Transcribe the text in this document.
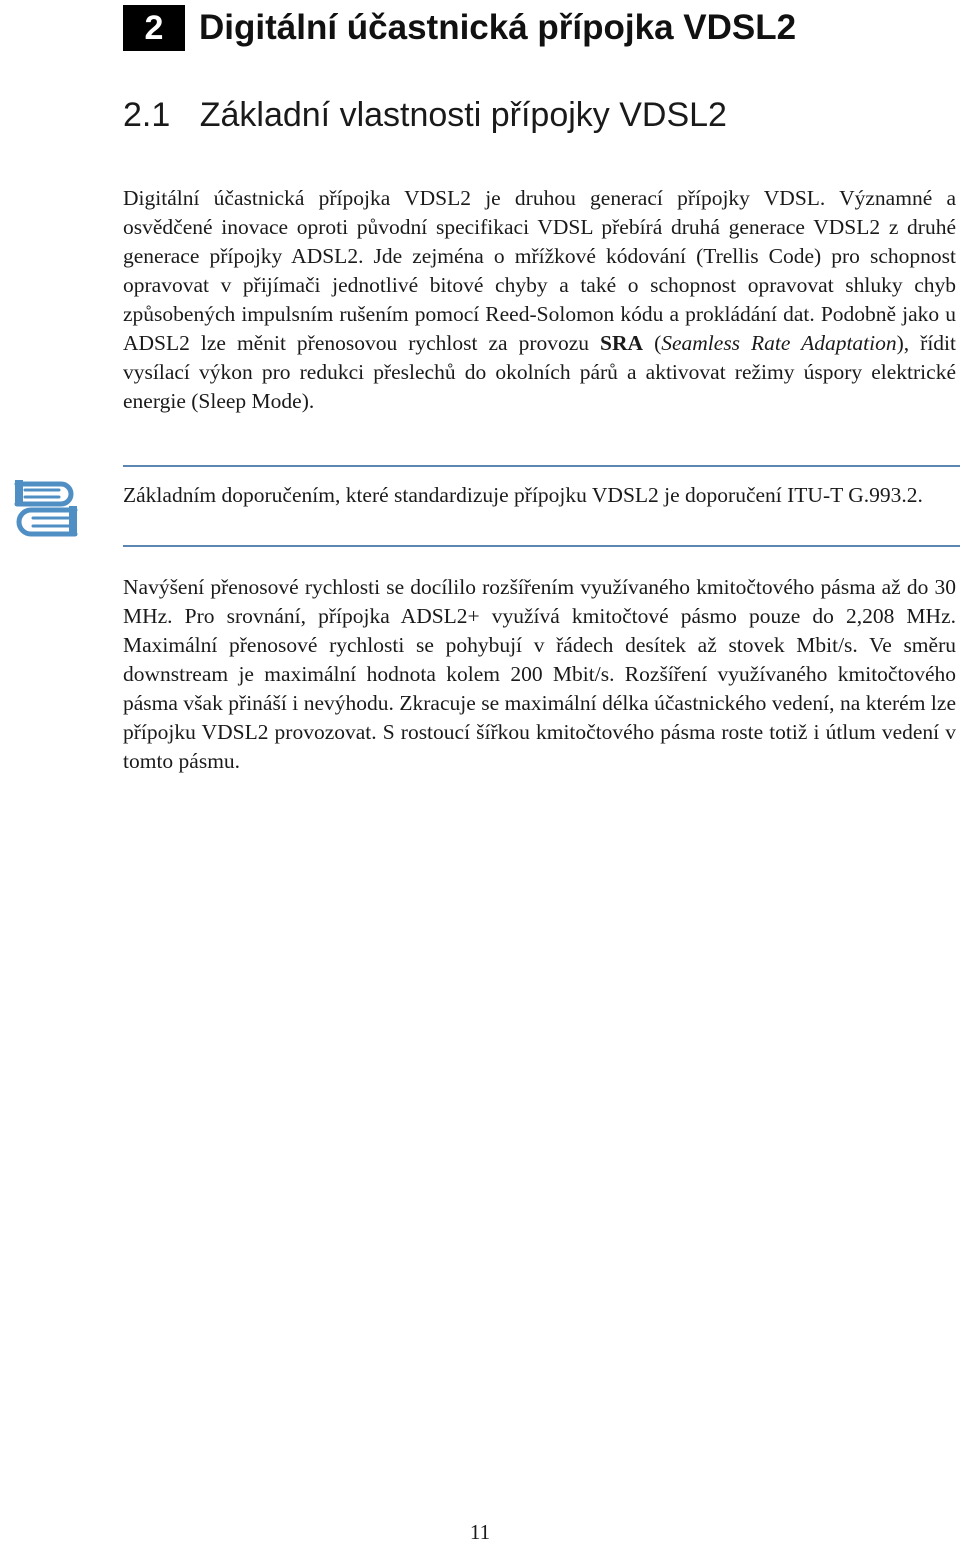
2	Digitální účastnická přípojka VDSL2
2.1 Základní vlastnosti přípojky VDSL2
Digitální účastnická přípojka VDSL2 je druhou generací přípojky VDSL. Významné a osvědčené inovace oproti původní specifikaci VDSL přebírá druhá generace VDSL2 z druhé generace přípojky ADSL2. Jde zejména o mřížkové kódování (Trellis Code) pro schopnost opravovat v přijímači jednotlivé bitové chyby a také o schopnost opravovat shluky chyb způsobených impulsním rušením pomocí Reed-Solomon kódu a prokládání dat. Podobně jako u ADSL2 lze měnit přenosovou rychlost za provozu SRA (Seamless Rate Adaptation), řídit vysílací výkon pro redukci přeslechů do okolních párů a aktivovat režimy úspory elektrické energie (Sleep Mode).
Základním doporučením, které standardizuje přípojku VDSL2 je doporučení ITU-T G.993.2.
Navýšení přenosové rychlosti se docílilo rozšířením využívaného kmitočtového pásma až do 30 MHz. Pro srovnání, přípojka ADSL2+ využívá kmitočtové pásmo pouze do 2,208 MHz. Maximální přenosové rychlosti se pohybují v řádech desítek až stovek Mbit/s. Ve směru downstream je maximální hodnota kolem 200 Mbit/s. Rozšíření využívaného kmitočtového pásma však přináší i nevýhodu. Zkracuje se maximální délka účastnického vedení, na kterém lze přípojku VDSL2 provozovat. S rostoucí šířkou kmitočtového pásma roste totiž i útlum vedení v tomto pásmu.
11
